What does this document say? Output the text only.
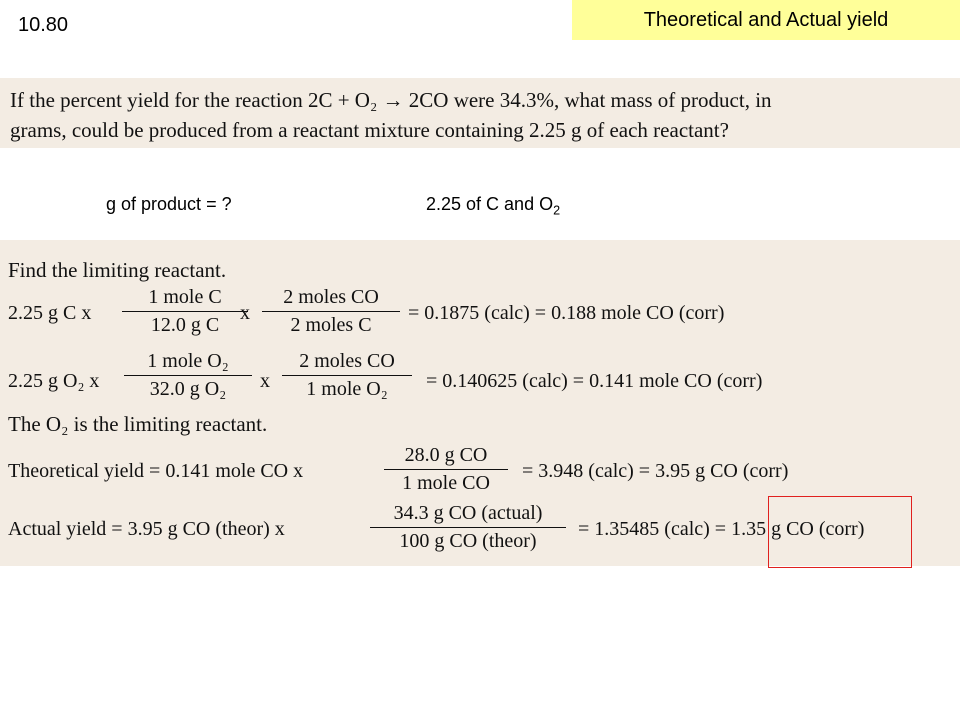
10.80	Theoretical and Actual yield
If the percent yield for the reaction 2C + O₂ → 2CO were 34.3%, what mass of product, in
grams, could be produced from a reactant mixture containing 2.25 g of each reactant?
g of product = ?	2.25 of C and $O_2$
Find the limiting reactant.
2.25 g C x
1 mole C
12.0 g C
x
2 moles CO
2 moles C
= 0.1875 (calc) = 0.188 mole CO (corr)
2.25 g O₂ x
1 mole O₂
32.0 g O₂	x
2 moles CO
1 mole O₂	= 0.140625 (calc) = 0.141 mole CO (corr)
The O₂ is the limiting reactant.
Theoretical yield = 0.141 mole CO x
28.0 g CO
1 mole CO
= 3.948 (calc) = 3.95 g CO (corr)
Actual yield = 3.95 g CO (theor) x
34.3 g CO (actual)
100 g CO (theor)
= 1.35485 (calc) = 1.35 g CO (corr)
